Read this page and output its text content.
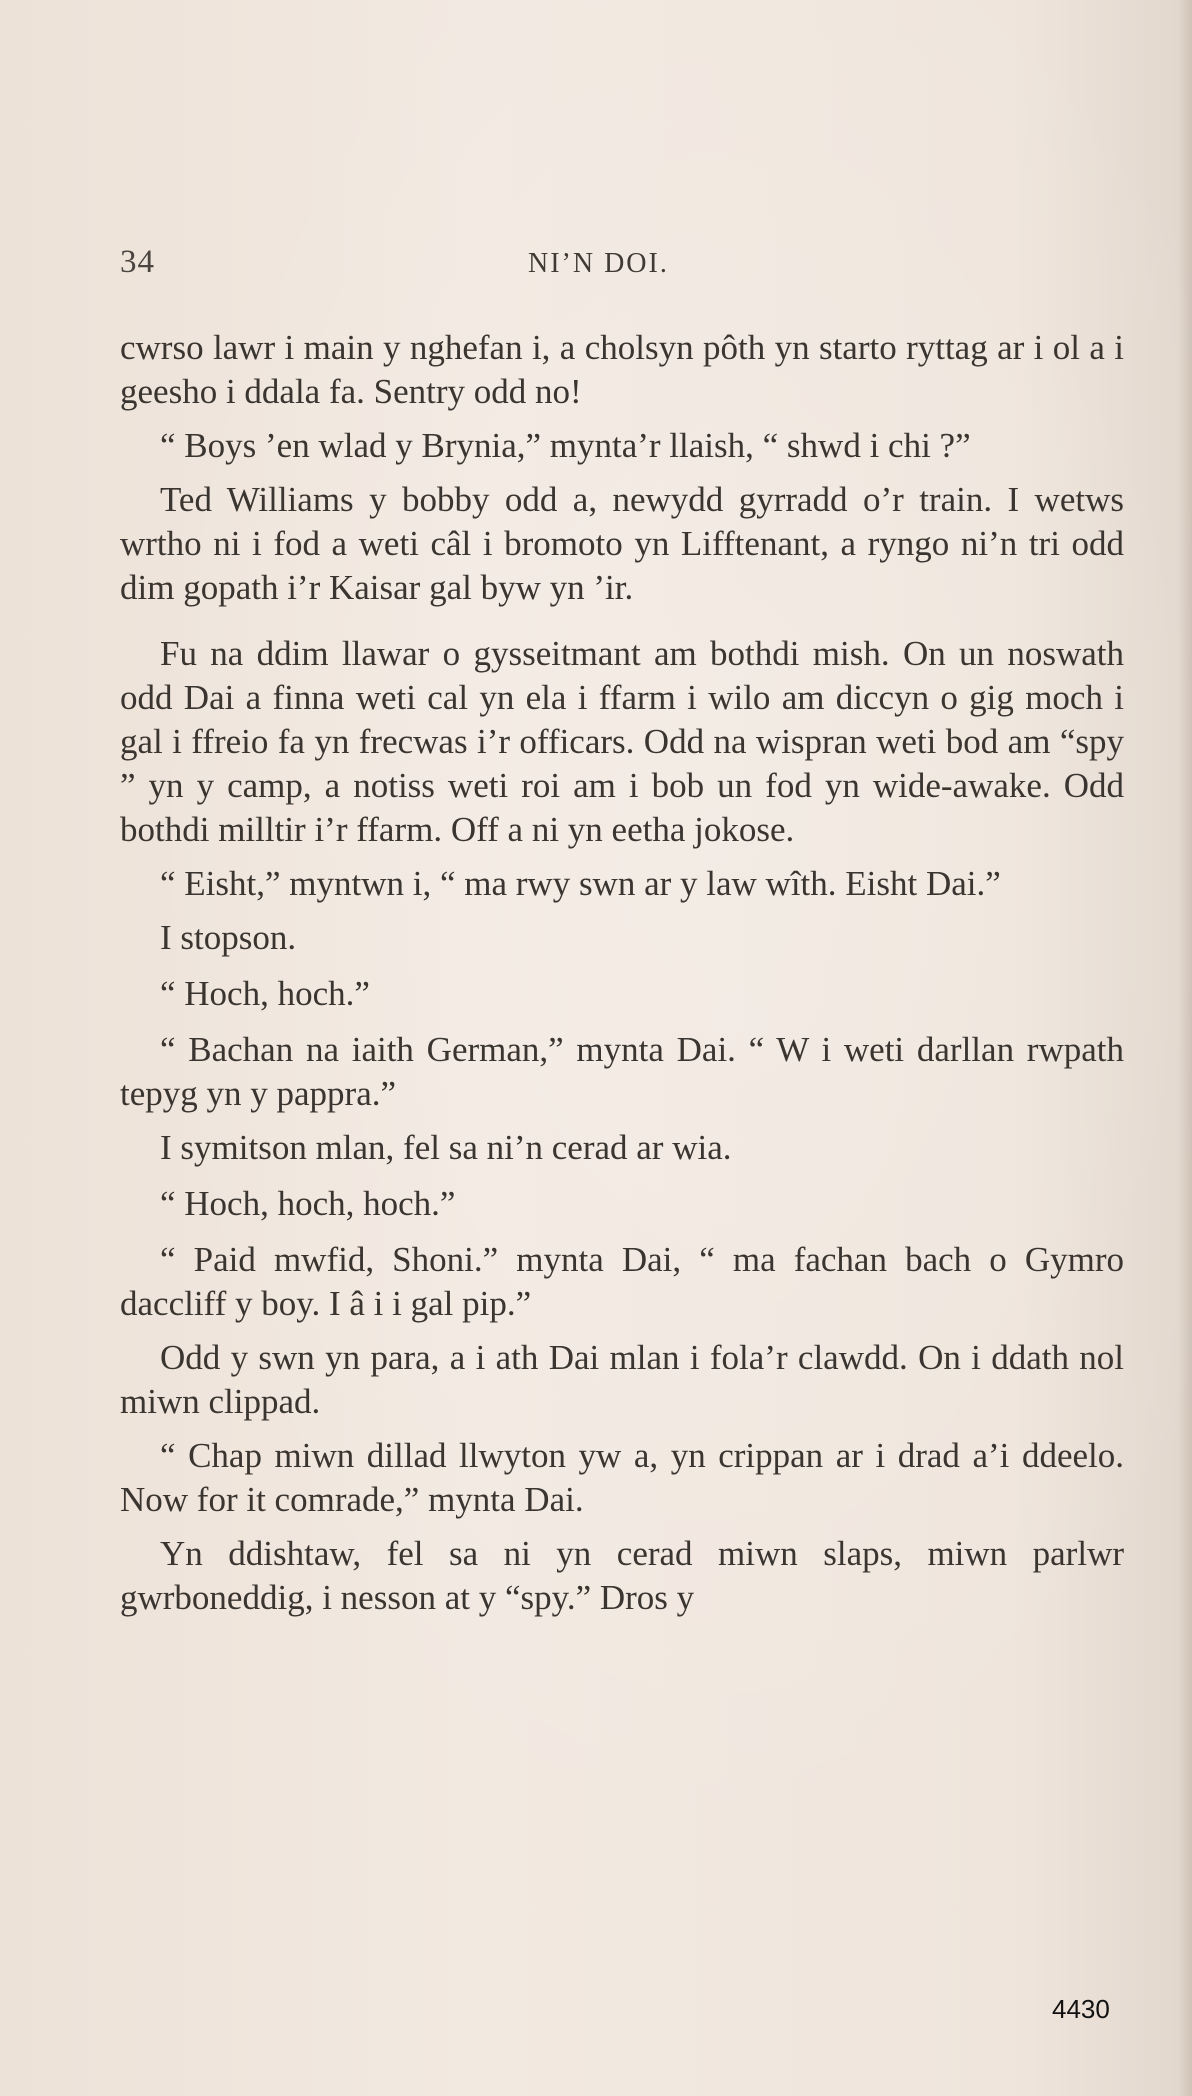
34	NI’N DOI.

cwrso lawr i main y nghefan i, a cholsyn pôth yn starto ryttag ar i ol a i geesho i ddala fa. Sentry odd no!

“ Boys ’en wlad y Brynia,” mynta’r llaish, “ shwd i chi ?”

Ted Williams y bobby odd a, newydd gyrradd o’r train. I wetws wrtho ni i fod a weti câl i bromoto yn Lifftenant, a ryngo ni’n tri odd dim gopath i’r Kaisar gal byw yn ’ir.

Fu na ddim llawar o gysseitmant am bothdi mish. On un noswath odd Dai a finna weti cal yn ela i ffarm i wilo am diccyn o gig moch i gal i ffreio fa yn frecwas i’r officars. Odd na wispran weti bod am “spy ” yn y camp, a notiss weti roi am i bob un fod yn wide-awake. Odd bothdi milltir i’r ffarm. Off a ni yn eetha jokose.

“ Eisht,” myntwn i, “ ma rwy swn ar y law wîth. Eisht Dai.”

I stopson.

“ Hoch, hoch.”

“ Bachan na iaith German,” mynta Dai. “ W i weti darllan rwpath tepyg yn y pappra.”

I symitson mlan, fel sa ni’n cerad ar wia.

“ Hoch, hoch, hoch.”

“ Paid mwfid, Shoni.” mynta Dai, “ ma fachan bach o Gymro daccliff y boy. I â i i gal pip.”

Odd y swn yn para, a i ath Dai mlan i fola’r clawdd. On i ddath nol miwn clippad.

“ Chap miwn dillad llwyton yw a, yn crippan ar i drad a’i ddeelo. Now for it comrade,” mynta Dai.

Yn ddishtaw, fel sa ni yn cerad miwn slaps, miwn parlwr gwrboneddig, i nesson at y “spy.” Dros y

4430
